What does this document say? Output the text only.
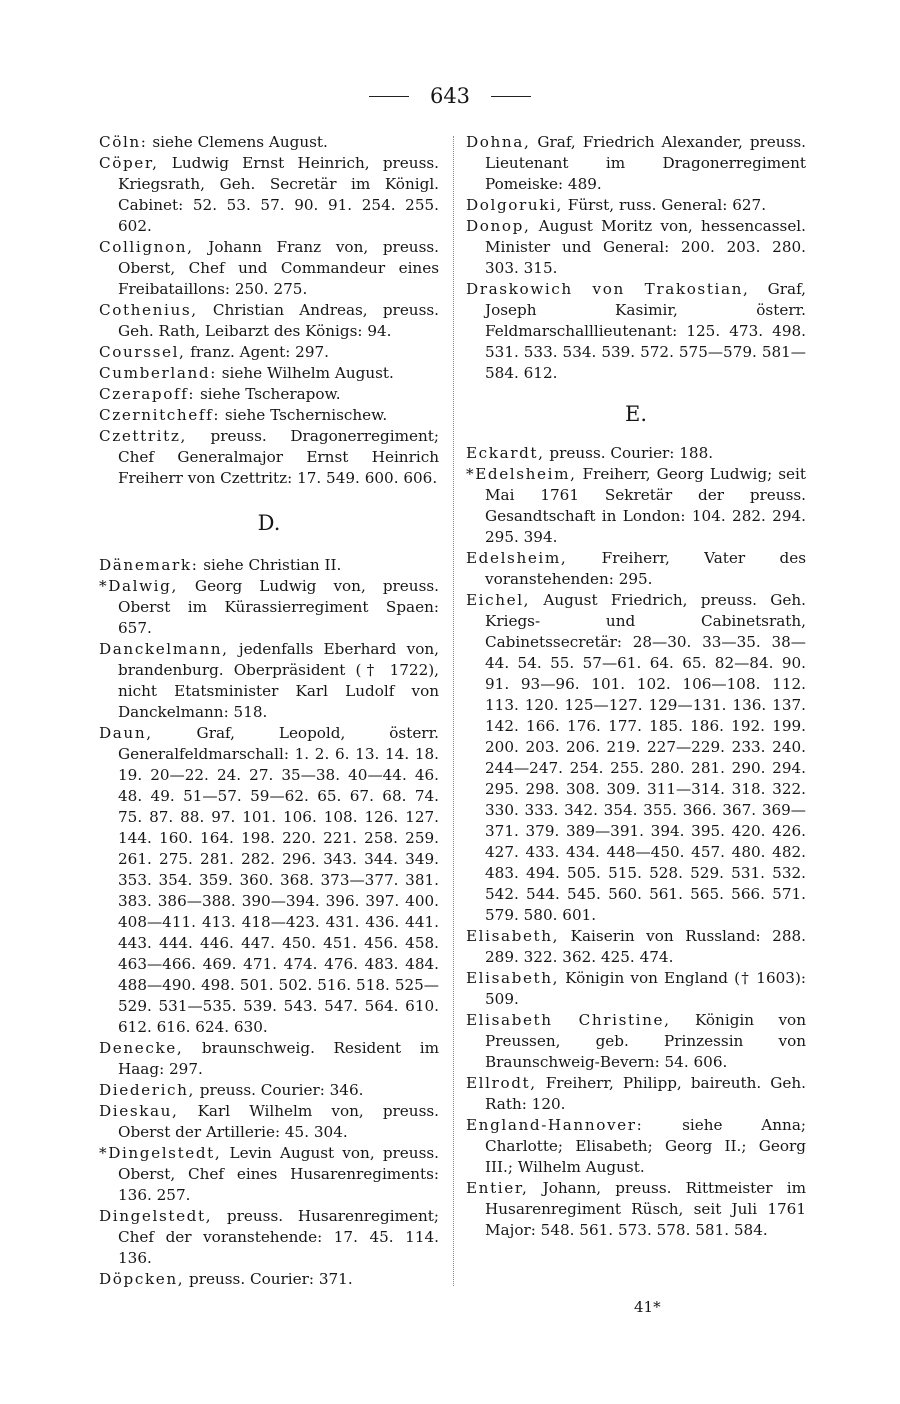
643

Cöln: siehe Clemens August.

Cöper, Ludwig Ernst Heinrich, preuss. Kriegsrath, Geh. Secretär im Königl. Cabinet: 52. 53. 57. 90. 91. 254. 255. 602.

Collignon, Johann Franz von, preuss. Oberst, Chef und Commandeur eines Freibataillons: 250. 275.

Cothenius, Christian Andreas, preuss. Geh. Rath, Leibarzt des Königs: 94.

Courssel, franz. Agent: 297.

Cumberland: siehe Wilhelm August.

Czerapoff: siehe Tscherapow.

Czernitcheff: siehe Tschernischew.

Czettritz, preuss. Dragonerregiment; Chef Generalmajor Ernst Heinrich Freiherr von Czettritz: 17. 549. 600. 606.

D.

Dänemark: siehe Christian II.

*Dalwig, Georg Ludwig von, preuss. Oberst im Kürassierregiment Spaen: 657.

Danckelmann, jedenfalls Eberhard von, brandenburg. Oberpräsident († 1722), nicht Etatsminister Karl Ludolf von Danckelmann: 518.

Daun, Graf, Leopold, österr. Generalfeldmarschall: 1. 2. 6. 13. 14. 18. 19. 20—22. 24. 27. 35—38. 40—44. 46. 48. 49. 51—57. 59—62. 65. 67. 68. 74. 75. 87. 88. 97. 101. 106. 108. 126. 127. 144. 160. 164. 198. 220. 221. 258. 259. 261. 275. 281. 282. 296. 343. 344. 349. 353. 354. 359. 360. 368. 373—377. 381. 383. 386—388. 390—394. 396. 397. 400. 408—411. 413. 418—423. 431. 436. 441. 443. 444. 446. 447. 450. 451. 456. 458. 463—466. 469. 471. 474. 476. 483. 484. 488—490. 498. 501. 502. 516. 518. 525—529. 531—535. 539. 543. 547. 564. 610. 612. 616. 624. 630.

Denecke, braunschweig. Resident im Haag: 297.

Diederich, preuss. Courier: 346.

Dieskau, Karl Wilhelm von, preuss. Oberst der Artillerie: 45. 304.

*Dingelstedt, Levin August von, preuss. Oberst, Chef eines Husarenregiments: 136. 257.

Dingelstedt, preuss. Husarenregiment; Chef der voranstehende: 17. 45. 114. 136.

Döpcken, preuss. Courier: 371.

Dohna, Graf, Friedrich Alexander, preuss. Lieutenant im Dragonerregiment Pomeiske: 489.

Dolgoruki, Fürst, russ. General: 627.

Donop, August Moritz von, hessencassel. Minister und General: 200. 203. 280. 303. 315.

Draskowich von Trakostian, Graf, Joseph Kasimir, österr. Feldmarschalllieutenant: 125. 473. 498. 531. 533. 534. 539. 572. 575—579. 581—584. 612.

E.

Eckardt, preuss. Courier: 188.

*Edelsheim, Freiherr, Georg Ludwig; seit Mai 1761 Sekretär der preuss. Gesandtschaft in London: 104. 282. 294. 295. 394.

Edelsheim, Freiherr, Vater des voranstehenden: 295.

Eichel, August Friedrich, preuss. Geh. Kriegs- und Cabinetsrath, Cabinetssecretär: 28—30. 33—35. 38—44. 54. 55. 57—61. 64. 65. 82—84. 90. 91. 93—96. 101. 102. 106—108. 112. 113. 120. 125—127. 129—131. 136. 137. 142. 166. 176. 177. 185. 186. 192. 199. 200. 203. 206. 219. 227—229. 233. 240. 244—247. 254. 255. 280. 281. 290. 294. 295. 298. 308. 309. 311—314. 318. 322. 330. 333. 342. 354. 355. 366. 367. 369—371. 379. 389—391. 394. 395. 420. 426. 427. 433. 434. 448—450. 457. 480. 482. 483. 494. 505. 515. 528. 529. 531. 532. 542. 544. 545. 560. 561. 565. 566. 571. 579. 580. 601.

Elisabeth, Kaiserin von Russland: 288. 289. 322. 362. 425. 474.

Elisabeth, Königin von England († 1603): 509.

Elisabeth Christine, Königin von Preussen, geb. Prinzessin von Braunschweig-Bevern: 54. 606.

Ellrodt, Freiherr, Philipp, baireuth. Geh. Rath: 120.

England-Hannover: siehe Anna; Charlotte; Elisabeth; Georg II.; Georg III.; Wilhelm August.

Entier, Johann, preuss. Rittmeister im Husarenregiment Rüsch, seit Juli 1761 Major: 548. 561. 573. 578. 581. 584.

41*
